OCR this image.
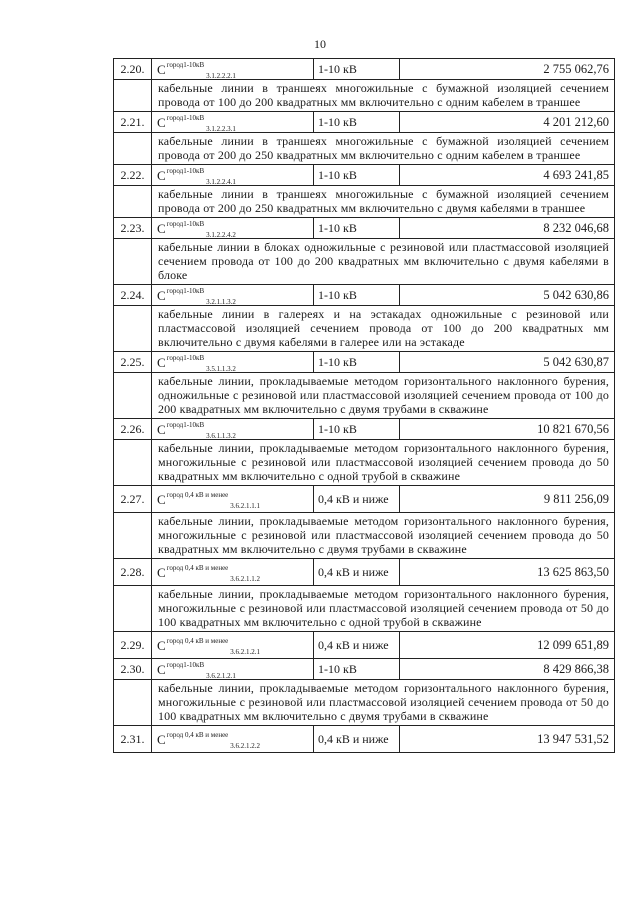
10
2.20.	$С^{город1-10кВ}_{3.1.2.2.2.1}$	1-10 кВ	2 755 062,76
	кабельные линии в траншеях многожильные с бумажной изоляцией сечением провода от 100 до 200 квадратных мм включительно с одним кабелем в траншее		
2.21.	$С^{город1-10кВ}_{3.1.2.2.3.1}$	1-10 кВ	4 201 212,60
	кабельные линии в траншеях многожильные с бумажной изоляцией сечением провода от 200 до 250 квадратных мм включительно с одним кабелем в траншее		
2.22.	$С^{город1-10кВ}_{3.1.2.2.4.1}$	1-10 кВ	4 693 241,85
	кабельные линии в траншеях многожильные с бумажной изоляцией сечением провода от 200 до 250 квадратных мм включительно с двумя кабелями в траншее		
2.23.	$С^{город1-10кВ}_{3.1.2.2.4.2}$	1-10 кВ	8 232 046,68
	кабельные линии в блоках одножильные с резиновой или пластмассовой изоляцией сечением провода от 100 до 200 квадратных мм включительно с двумя кабелями в блоке		
2.24.	$С^{город1-10кВ}_{3.2.1.1.3.2}$	1-10 кВ	5 042 630,86
	кабельные линии в галереях и на эстакадах одножильные с резиновой или пластмассовой изоляцией сечением провода от 100 до 200 квадратных мм включительно с двумя кабелями в галерее или на эстакаде		
2.25.	$С^{город1-10кВ}_{3.5.1.1.3.2}$	1-10 кВ	5 042 630,87
	кабельные линии, прокладываемые методом горизонтального наклонного бурения, одножильные с резиновой или пластмассовой изоляцией сечением провода от 100 до 200 квадратных мм включительно с двумя трубами в скважине		
2.26.	$С^{город1-10кВ}_{3.6.1.1.3.2}$	1-10 кВ	10 821 670,56
	кабельные линии, прокладываемые методом горизонтального наклонного бурения, многожильные с резиновой или пластмассовой изоляцией сечением провода до 50 квадратных мм включительно с одной трубой в скважине		
2.27.	$С^{город 0,4 кВ и менее}_{3.6.2.1.1.1}$	0,4 кВ и ниже	9 811 256,09
	кабельные линии, прокладываемые методом горизонтального наклонного бурения, многожильные с резиновой или пластмассовой изоляцией сечением провода до 50 квадратных мм включительно с двумя трубами в скважине		
2.28.	$С^{город 0,4 кВ и менее}_{3.6.2.1.1.2}$	0,4 кВ и ниже	13 625 863,50
	кабельные линии, прокладываемые методом горизонтального наклонного бурения, многожильные с резиновой или пластмассовой изоляцией сечением провода от 50 до 100 квадратных мм включительно с одной трубой в скважине		
2.29.	$С^{город 0,4 кВ и менее}_{3.6.2.1.2.1}$	0,4 кВ и ниже	12 099 651,89
2.30.	$С^{город1-10кВ}_{3.6.2.1.2.1}$	1-10 кВ	8 429 866,38
	кабельные линии, прокладываемые методом горизонтального наклонного бурения, многожильные с резиновой или пластмассовой изоляцией сечением провода от 50 до 100 квадратных мм включительно с двумя трубами в скважине		
2.31.	$С^{город 0,4 кВ и менее}_{3.6.2.1.2.2}$	0,4 кВ и ниже	13 947 531,52
